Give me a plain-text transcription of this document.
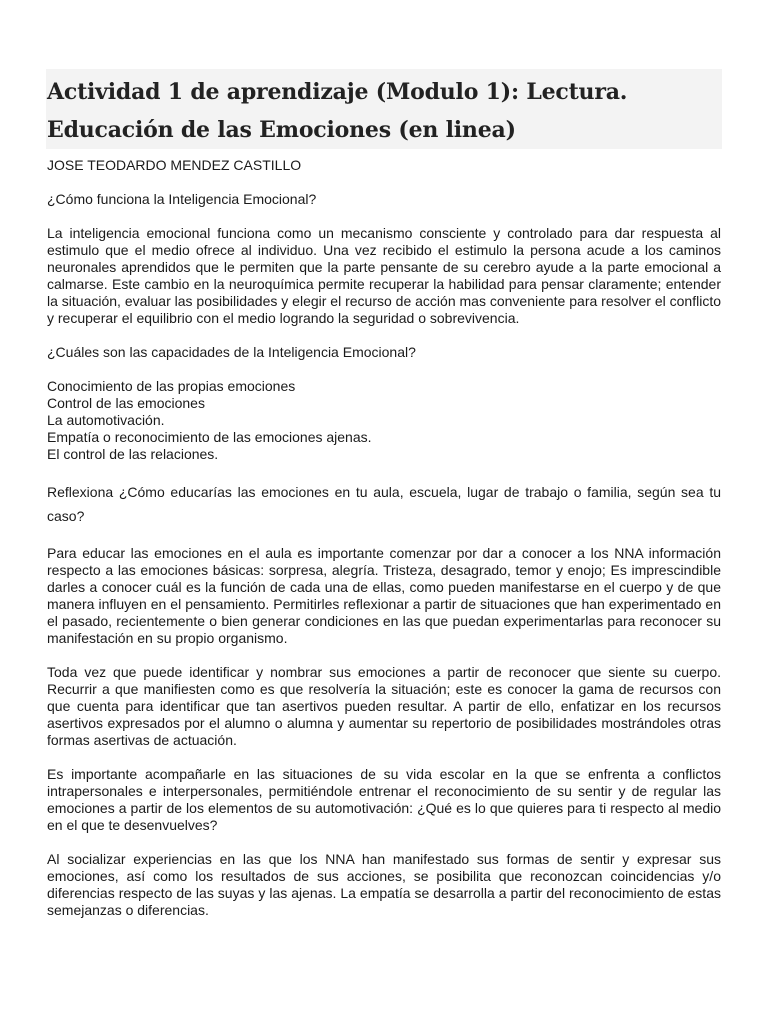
Actividad 1 de aprendizaje (Modulo 1): Lectura.
Educación de las Emociones (en linea)
JOSE TEODARDO MENDEZ CASTILLO
¿Cómo funciona la Inteligencia Emocional?

La inteligencia emocional funciona como un mecanismo consciente y controlado para dar respuesta al estimulo que el medio ofrece al individuo. Una vez recibido el estimulo la persona acude a los caminos neuronales aprendidos que le permiten que la parte pensante de su cerebro ayude a la parte emocional a calmarse. Este cambio en la neuroquímica permite recuperar la habilidad para pensar claramente; entender la situación, evaluar las posibilidades y elegir el recurso de acción mas conveniente para resolver el conflicto y recuperar el equilibrio con el medio logrando la seguridad o sobrevivencia.

¿Cuáles son las capacidades de la Inteligencia Emocional?
Conocimiento de las propias emociones
Control de las emociones
La automotivación.
Empatía o reconocimiento de las emociones ajenas.
El control de las relaciones.
Reflexiona ¿Cómo educarías las emociones en tu aula, escuela, lugar de trabajo o familia, según sea tu caso?

Para educar las emociones en el aula es importante comenzar por dar a conocer a los NNA información respecto a las emociones básicas: sorpresa, alegría. Tristeza, desagrado, temor y enojo; Es imprescindible darles a conocer cuál es la función de cada una de ellas, como pueden manifestarse en el cuerpo y de que manera influyen en el pensamiento. Permitirles reflexionar a partir de situaciones que han experimentado en el pasado, recientemente o bien generar condiciones en las que puedan experimentarlas para reconocer su manifestación en su propio organismo.

Toda vez que puede identificar y nombrar sus emociones a partir de reconocer que siente su cuerpo. Recurrir a que manifiesten como es que resolvería la situación; este es conocer la gama de recursos con que cuenta para identificar que tan asertivos pueden resultar. A partir de ello, enfatizar en los recursos asertivos expresados por el alumno o alumna y aumentar su repertorio de posibilidades mostrándoles otras formas asertivas de actuación.

Es importante acompañarle en las situaciones de su vida escolar en la que se enfrenta a conflictos intrapersonales e interpersonales, permitiéndole entrenar el reconocimiento de su sentir y de regular las emociones a partir de los elementos de su automotivación: ¿Qué es lo que quieres para ti respecto al medio en el que te desenvuelves?

Al socializar experiencias en las que los NNA han manifestado sus formas de sentir y expresar sus emociones, así como los resultados de sus acciones, se posibilita que reconozcan coincidencias y/o diferencias respecto de las suyas y las ajenas. La empatía se desarrolla a partir del reconocimiento de estas semejanzas o diferencias.
